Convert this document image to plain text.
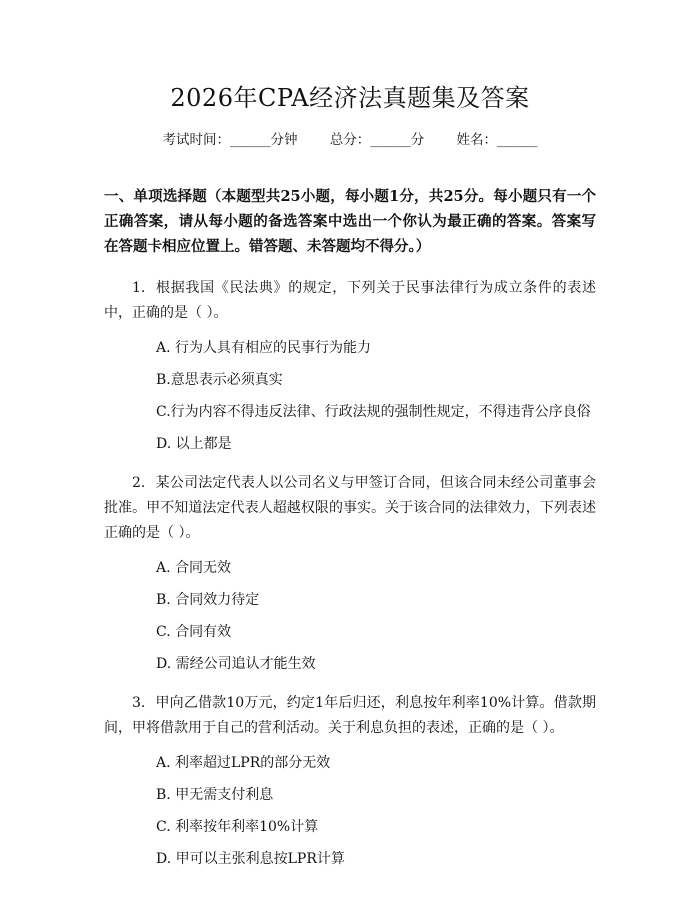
2026年CPA经济法真题集及答案
考试时间：______分钟 总分：______分 姓名：______

一、单项选择题（本题型共25小题，每小题1分，共25分。每小题只有一个正确答案，请从每小题的备选答案中选出一个你认为最正确的答案。答案写在答题卡相应位置上。错答题、未答题均不得分。）

1. 根据我国《民法典》的规定，下列关于民事法律行为成立条件的表述中，正确的是（ ）。

A. 行为人具有相应的民事行为能力
B.意思表示必须真实
C.行为内容不得违反法律、行政法规的强制性规定，不得违背公序良俗
D. 以上都是

2. 某公司法定代表人以公司名义与甲签订合同，但该合同未经公司董事会批准。甲不知道法定代表人超越权限的事实。关于该合同的法律效力，下列表述正确的是（ ）。

A. 合同无效
B. 合同效力待定
C. 合同有效
D. 需经公司追认才能生效

3. 甲向乙借款10万元，约定1年后归还，利息按年利率10%计算。借款期间，甲将借款用于自己的营利活动。关于利息负担的表述，正确的是（ ）。

A. 利率超过LPR的部分无效
B. 甲无需支付利息
C. 利率按年利率10%计算
D. 甲可以主张利息按LPR计算
